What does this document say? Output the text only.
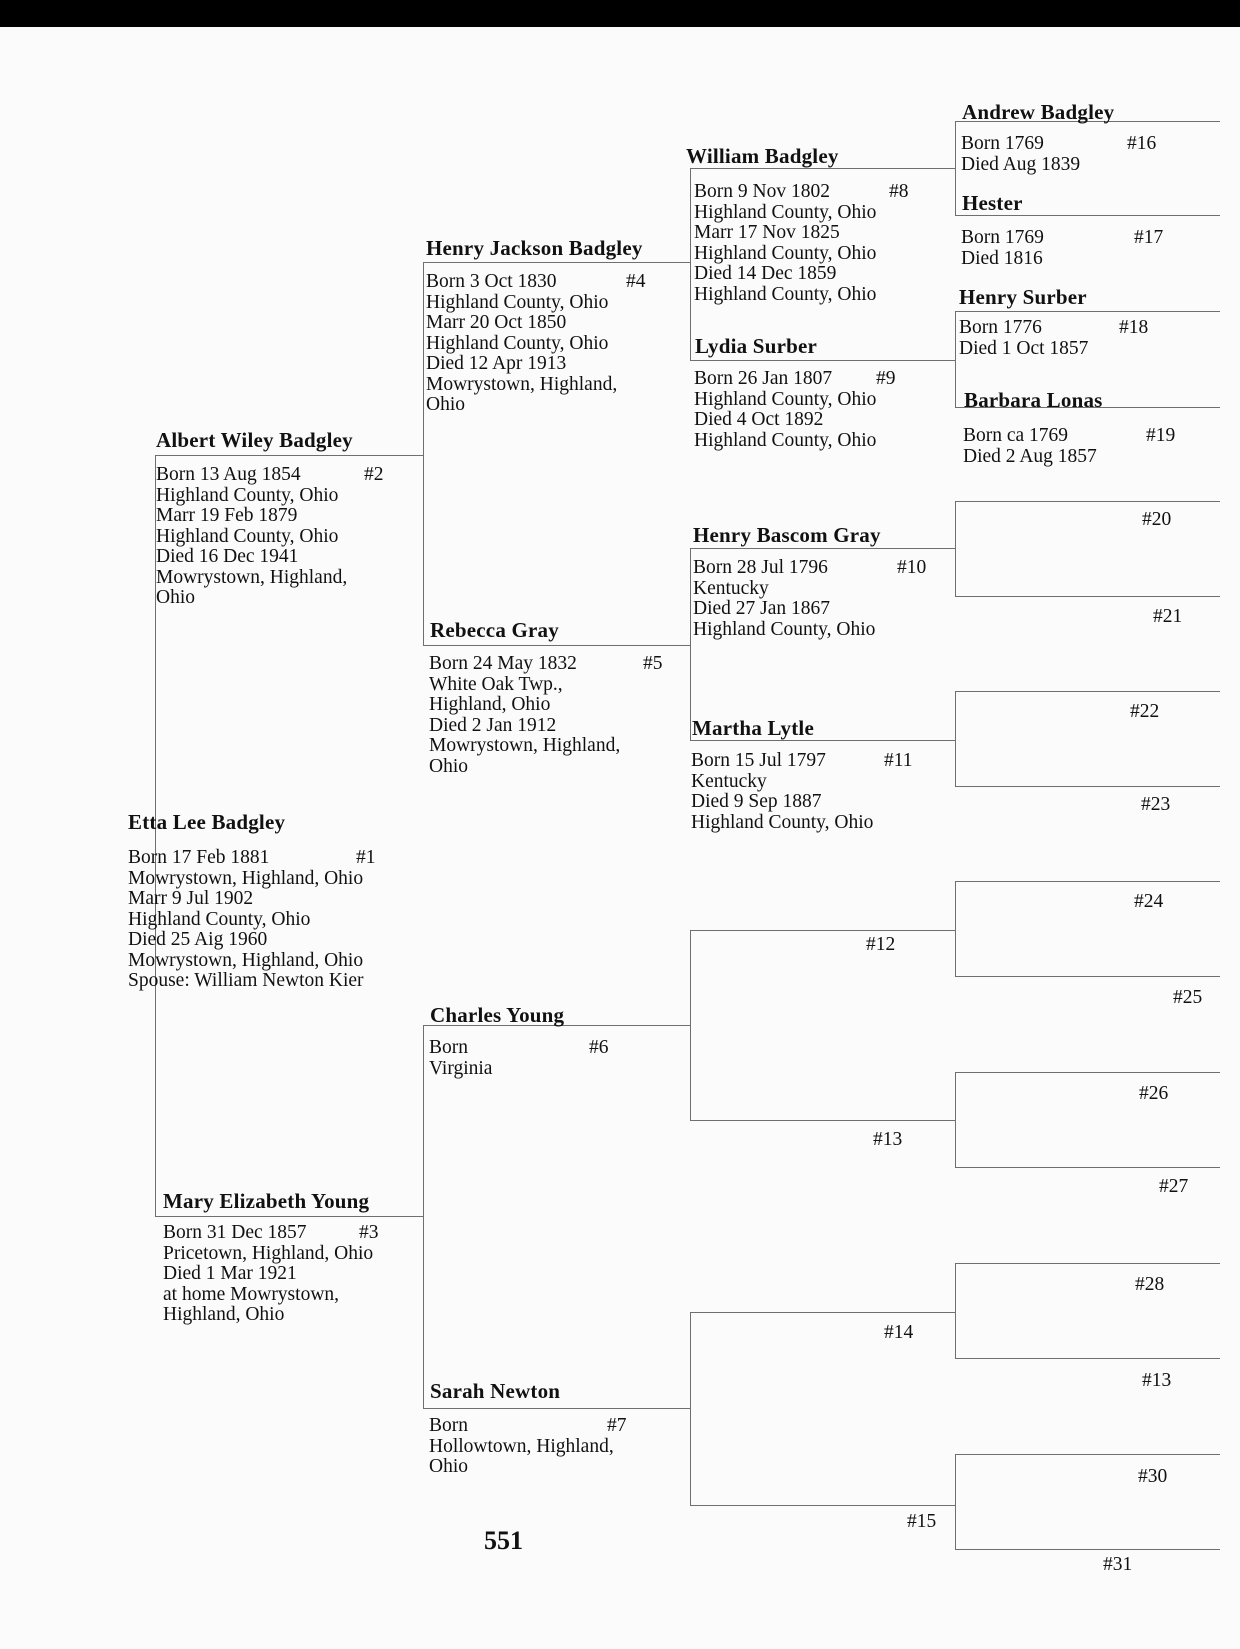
Etta Lee Badgley
Born 17 Feb 1881	#1
Mowrystown, Highland, Ohio
Marr 9 Jul 1902
Highland County, Ohio
Died 25 Aig 1960
Mowrystown, Highland, Ohio
Spouse: William Newton Kier
Albert Wiley Badgley
Born 13 Aug 1854	#2
Highland County, Ohio
Marr 19 Feb 1879
Highland County, Ohio
Died 16 Dec 1941
Mowrystown, Highland,
Ohio
Mary Elizabeth Young
Born 31 Dec 1857	#3
Pricetown, Highland, Ohio
Died 1 Mar 1921
at home Mowrystown,
Highland, Ohio
Henry Jackson Badgley
Born 3 Oct 1830	#4
Highland County, Ohio
Marr 20 Oct 1850
Highland County, Ohio
Died 12 Apr 1913
Mowrystown, Highland,
Ohio
Rebecca Gray
Born 24 May 1832	#5
White Oak Twp.,
Highland, Ohio
Died 2 Jan 1912
Mowrystown, Highland,
Ohio
Charles Young
Born	#6
Virginia
Sarah Newton
Born	#7
Hollowtown, Highland,
Ohio
William Badgley
Born 9 Nov 1802	#8
Highland County, Ohio
Marr 17 Nov 1825
Highland County, Ohio
Died 14 Dec 1859
Highland County, Ohio
Lydia Surber
Born 26 Jan 1807 #9
Highland County, Ohio
Died 4 Oct 1892
Highland County, Ohio
Henry Bascom Gray
Born 28 Jul 1796	#10
Kentucky
Died 27 Jan 1867
Highland County, Ohio
Martha Lytle
Born 15 Jul 1797	#11
Kentucky
Died 9 Sep 1887
Highland County, Ohio
#12
#13
#14
#15
Andrew Badgley
Born 1769	#16
Died Aug 1839
Hester
Born 1769	#17
Died 1816
Henry Surber
Born 1776	#18
Died 1 Oct 1857
Barbara Lonas
Born ca 1769	#19
Died 2 Aug 1857
#20
#21
#22
#23
#24
#25
#26
#27
#28
#13
#30
#31
551
